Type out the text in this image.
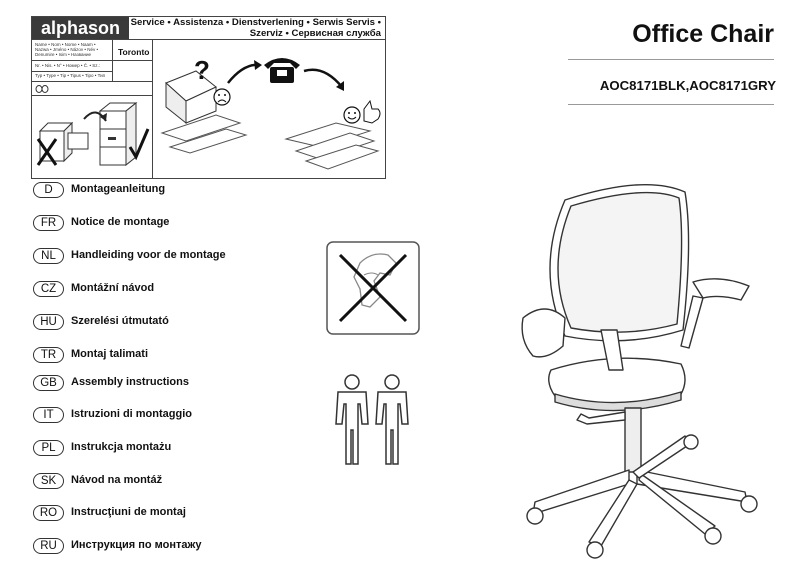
alphason	Service • Assistenza • Dienstverlening • Serwis Servis •
Szerviz • Сервисная служба
Name • Nom • Nome • Naam • Nazwa • Jméno • Názov • Név • Denumire • Isim • Название	Toronto
Nr. • Nis. • N° • Номер • Č. • Sz.:
Typ • Type • Tip • Tipus • Tipo • Тип	?
Office Chair
AOC8171BLK,AOC8171GRY
D	Montageanleitung
FR	Notice de montage
NL	Handleiding voor de montage
CZ	Montážní návod
HU	Szerelési útmutató
TR	Montaj talimati
GB	Assembly instructions
IT	Istruzioni di montaggio
PL	Instrukcja montażu
SK	Návod na montáž
RO	Instrucţiuni de montaj
RU	Инструкция по монтажу
